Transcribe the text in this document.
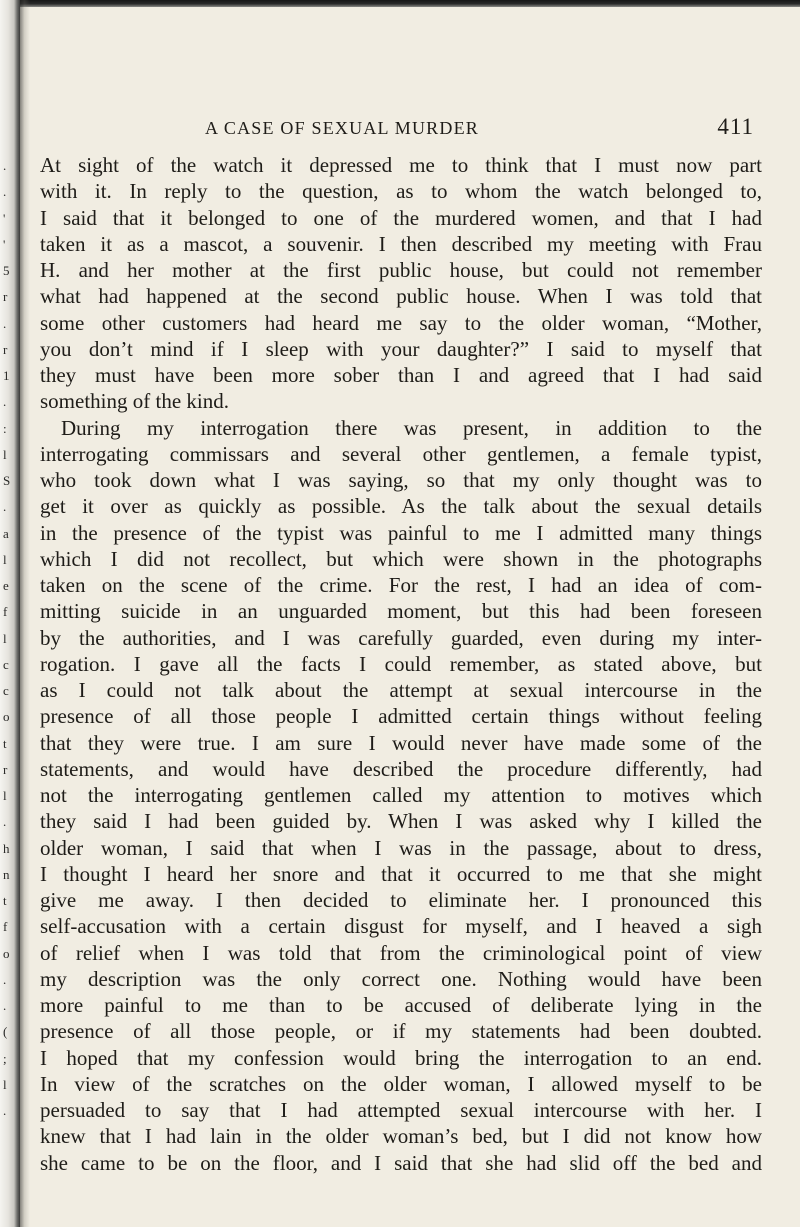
.
.
'
'
5
r
.
r
1
.
:
l
S
.
a
l
e
f
l
c
c
o
t
r
l
.
h
n
t
f
o
.
.
(
;
l
.
A CASE OF SEXUAL MURDER	411
At sight of the watch it depressed me to think that I must now part
with it. In reply to the question, as to whom the watch belonged to,
I said that it belonged to one of the murdered women, and that I had
taken it as a mascot, a souvenir. I then described my meeting with Frau
H. and her mother at the first public house, but could not remember
what had happened at the second public house. When I was told that
some other customers had heard me say to the older woman, “Mother,
you don’t mind if I sleep with your daughter?” I said to myself that
they must have been more sober than I and agreed that I had said
something of the kind.
During my interrogation there was present, in addition to the
interrogating commissars and several other gentlemen, a female typist,
who took down what I was saying, so that my only thought was to
get it over as quickly as possible. As the talk about the sexual details
in the presence of the typist was painful to me I admitted many things
which I did not recollect, but which were shown in the photographs
taken on the scene of the crime. For the rest, I had an idea of com-
mitting suicide in an unguarded moment, but this had been foreseen
by the authorities, and I was carefully guarded, even during my inter-
rogation. I gave all the facts I could remember, as stated above, but
as I could not talk about the attempt at sexual intercourse in the
presence of all those people I admitted certain things without feeling
that they were true. I am sure I would never have made some of the
statements, and would have described the procedure differently, had
not the interrogating gentlemen called my attention to motives which
they said I had been guided by. When I was asked why I killed the
older woman, I said that when I was in the passage, about to dress,
I thought I heard her snore and that it occurred to me that she might
give me away. I then decided to eliminate her. I pronounced this
self-accusation with a certain disgust for myself, and I heaved a sigh
of relief when I was told that from the criminological point of view
my description was the only correct one. Nothing would have been
more painful to me than to be accused of deliberate lying in the
presence of all those people, or if my statements had been doubted.
I hoped that my confession would bring the interrogation to an end.
In view of the scratches on the older woman, I allowed myself to be
persuaded to say that I had attempted sexual intercourse with her. I
knew that I had lain in the older woman’s bed, but I did not know how
she came to be on the floor, and I said that she had slid off the bed and
